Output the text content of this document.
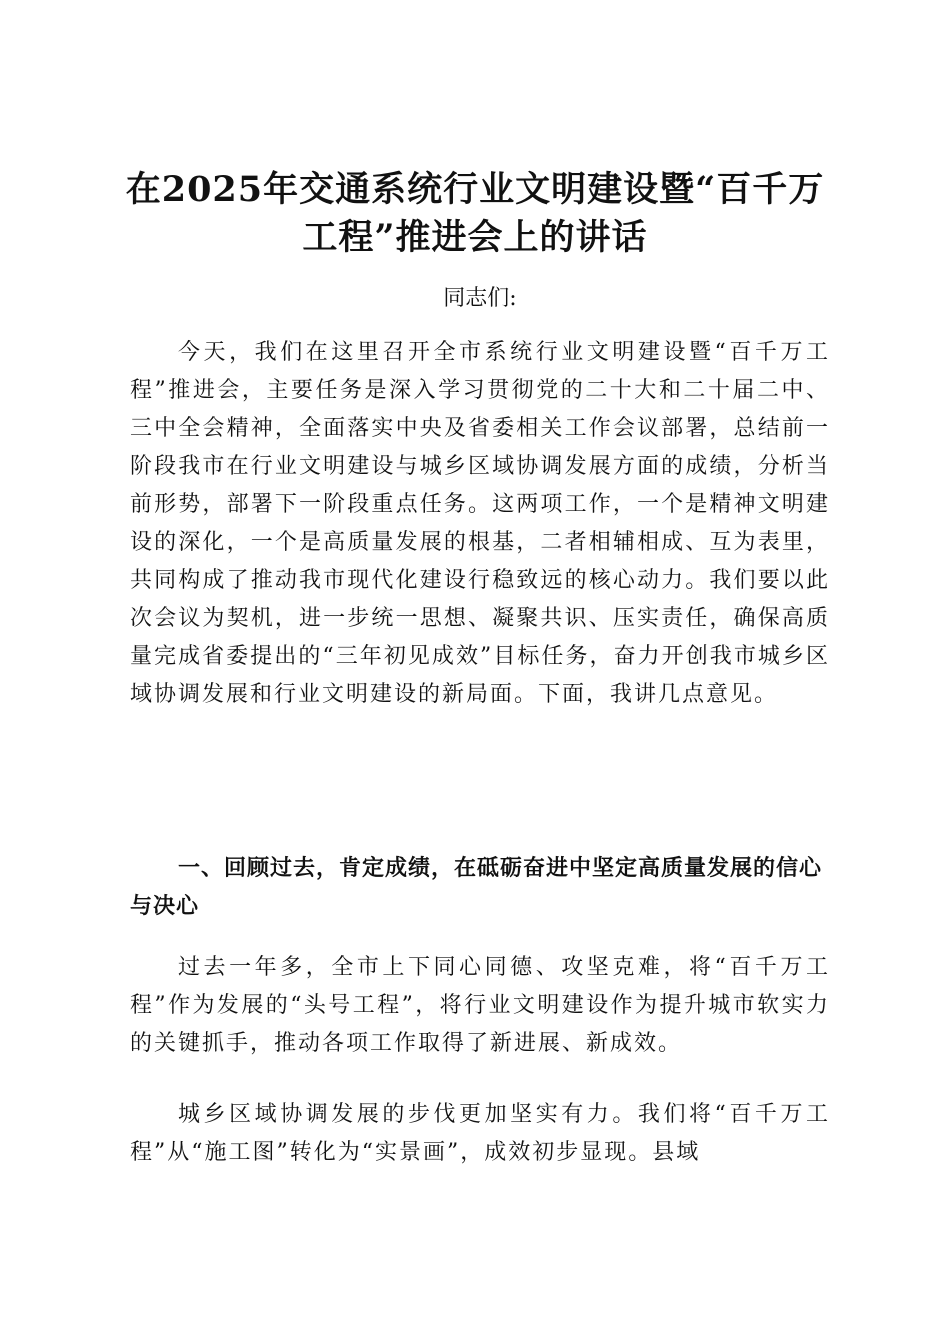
在2025年交通系统行业文明建设暨“百千万
工程”推进会上的讲话
同志们:

今天，我们在这里召开全市系统行业文明建设暨“百千万工程”推进会，主要任务是深入学习贯彻党的二十大和二十届二中、三中全会精神，全面落实中央及省委相关工作会议部署，总结前一阶段我市在行业文明建设与城乡区域协调发展方面的成绩，分析当前形势，部署下一阶段重点任务。这两项工作，一个是精神文明建设的深化，一个是高质量发展的根基，二者相辅相成、互为表里，共同构成了推动我市现代化建设行稳致远的核心动力。我们要以此次会议为契机，进一步统一思想、凝聚共识、压实责任，确保高质量完成省委提出的“三年初见成效”目标任务，奋力开创我市城乡区域协调发展和行业文明建设的新局面。下面，我讲几点意见。

一、回顾过去，肯定成绩，在砥砺奋进中坚定高质量发展的信心与决心

过去一年多，全市上下同心同德、攻坚克难，将“百千万工程”作为发展的“头号工程”，将行业文明建设作为提升城市软实力的关键抓手，推动各项工作取得了新进展、新成效。

城乡区域协调发展的步伐更加坚实有力。我们将“百千万工程”从“施工图”转化为“实景画”，成效初步显现。县域
